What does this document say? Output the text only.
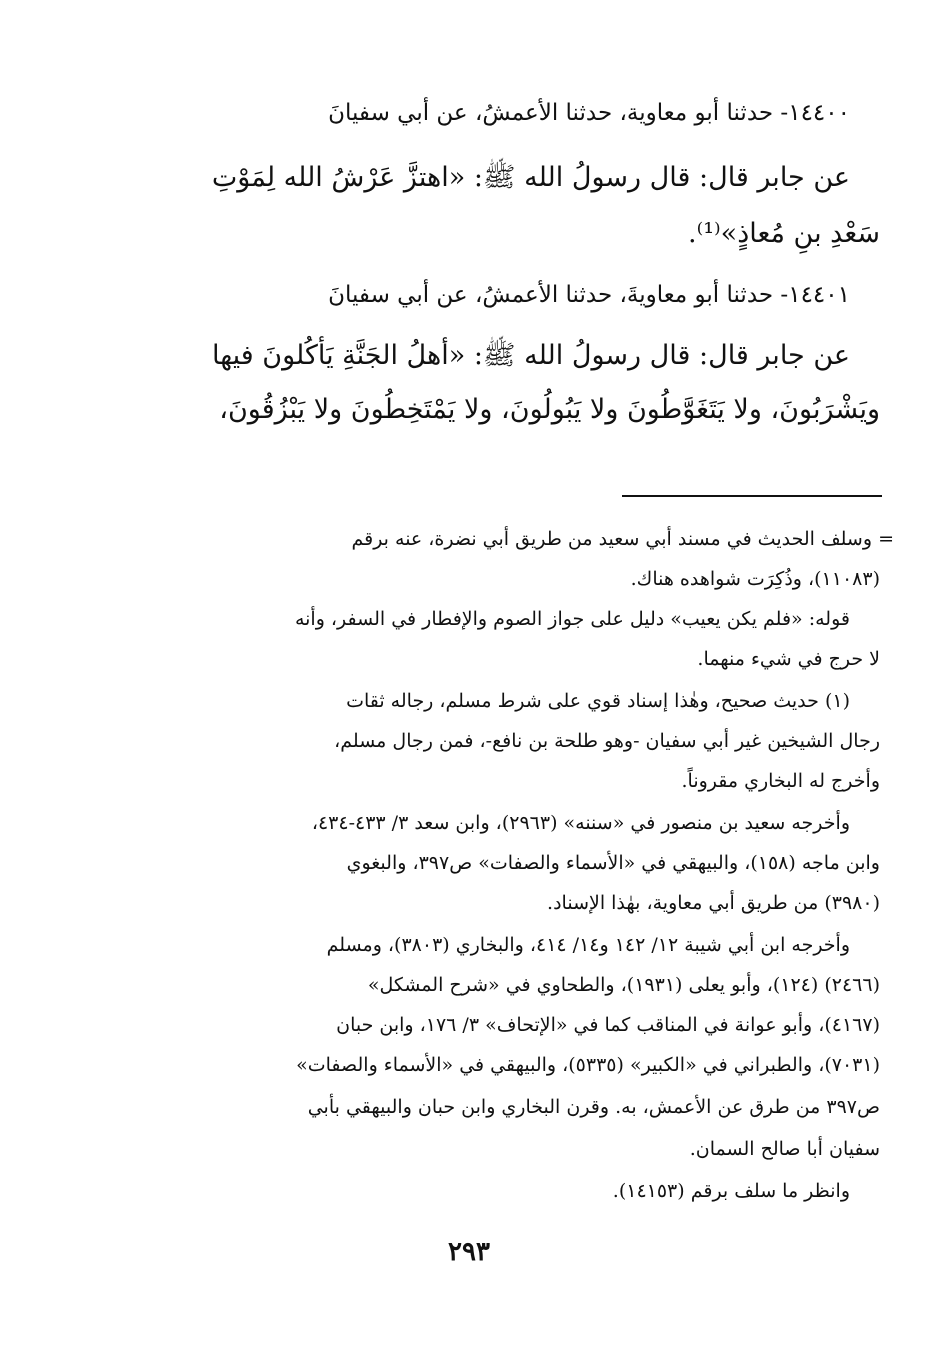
١٤٤٠٠- حدثنا أبو معاوية، حدثنا الأعمشُ، عن أبي سفيانَ
عن جابر قال: قال رسولُ الله ﷺ: «اهتزَّ عَرْشُ الله لِمَوْتِ
سَعْدِ بنِ مُعاذٍ»⁽¹⁾.
١٤٤٠١- حدثنا أبو معاويةَ، حدثنا الأعمشُ، عن أبي سفيانَ
عن جابر قال: قال رسولُ الله ﷺ: «أهلُ الجَنَّةِ يَأكُلونَ فيها
ويَشْرَبُونَ، ولا يَتَغَوَّطُونَ ولا يَبُولُونَ، ولا يَمْتَخِطُونَ ولا يَبْزُقُونَ،
= وسلف الحديث في مسند أبي سعيد من طريق أبي نضرة، عنه برقم
(١١٠٨٣)، وذُكِرَت شواهده هناك.
قوله: «فلم يكن يعيب» دليل على جواز الصوم والإفطار في السفر، وأنه
لا حرج في شيء منهما.
(١) حديث صحيح، وهٰذا إسناد قوي على شرط مسلم، رجاله ثقات
رجال الشيخين غير أبي سفيان -وهو طلحة بن نافع-، فمن رجال مسلم،
وأخرج له البخاري مقروناً.
وأخرجه سعيد بن منصور في «سننه» (٢٩٦٣)، وابن سعد ٣/ ٤٣٣-٤٣٤،
وابن ماجه (١٥٨)، والبيهقي في «الأسماء والصفات» ص٣٩٧، والبغوي
(٣٩٨٠) من طريق أبي معاوية، بهٰذا الإسناد.
وأخرجه ابن أبي شيبة ١٢/ ١٤٢ و١٤/ ٤١٤، والبخاري (٣٨٠٣)، ومسلم
(٢٤٦٦) (١٢٤)، وأبو يعلى (١٩٣١)، والطحاوي في «شرح المشكل»
(٤١٦٧)، وأبو عوانة في المناقب كما في «الإتحاف» ٣/ ١٧٦، وابن حبان
(٧٠٣١)، والطبراني في «الكبير» (٥٣٣٥)، والبيهقي في «الأسماء والصفات»
ص٣٩٧ من طرق عن الأعمش، به. وقرن البخاري وابن حبان والبيهقي بأبي
سفيان أبا صالح السمان.
وانظر ما سلف برقم (١٤١٥٣).
٢٩٣
